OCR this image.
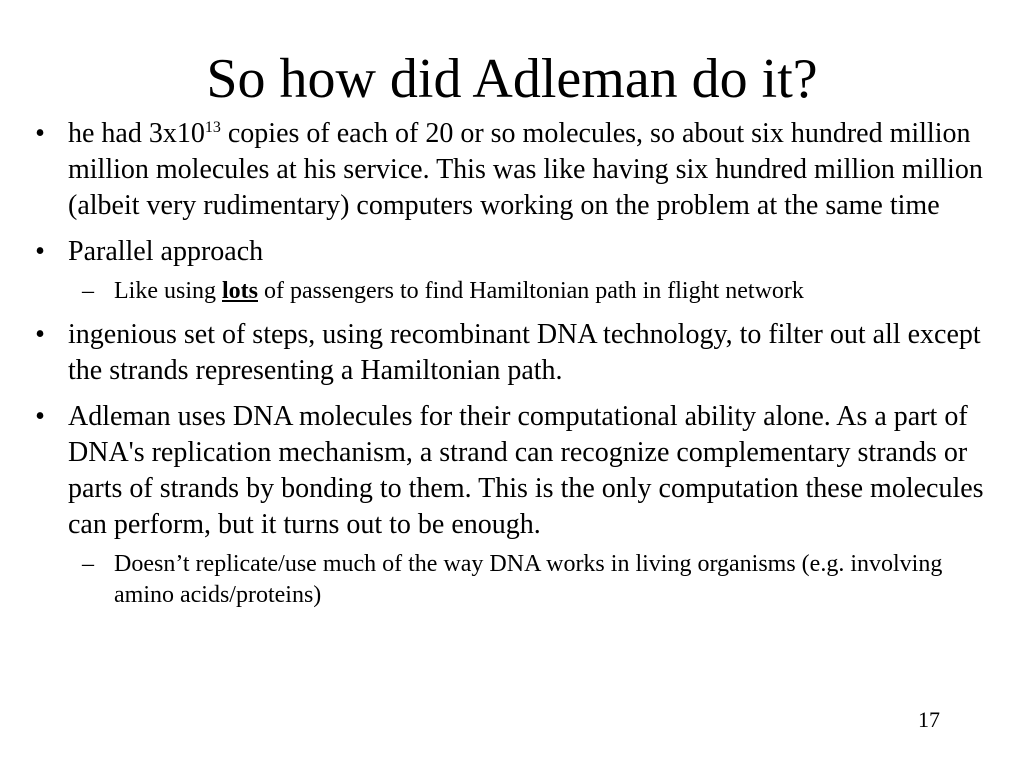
So how did Adleman do it?
• he had $3x10^{13}$ copies of each of 20 or so molecules, so about six hundred million million molecules at his service. This was like having six hundred million million (albeit very rudimentary) computers working on the problem at the same time
• Parallel approach
– Like using lots of passengers to find Hamiltonian path in flight network
• ingenious set of steps, using recombinant DNA technology, to filter out all except the strands representing a Hamiltonian path.
• Adleman uses DNA molecules for their computational ability alone. As a part of DNA's replication mechanism, a strand can recognize complementary strands or parts of strands by bonding to them. This is the only computation these molecules can perform, but it turns out to be enough.
– Doesn’t replicate/use much of the way DNA works in living organisms (e.g. involving amino acids/proteins)
17
